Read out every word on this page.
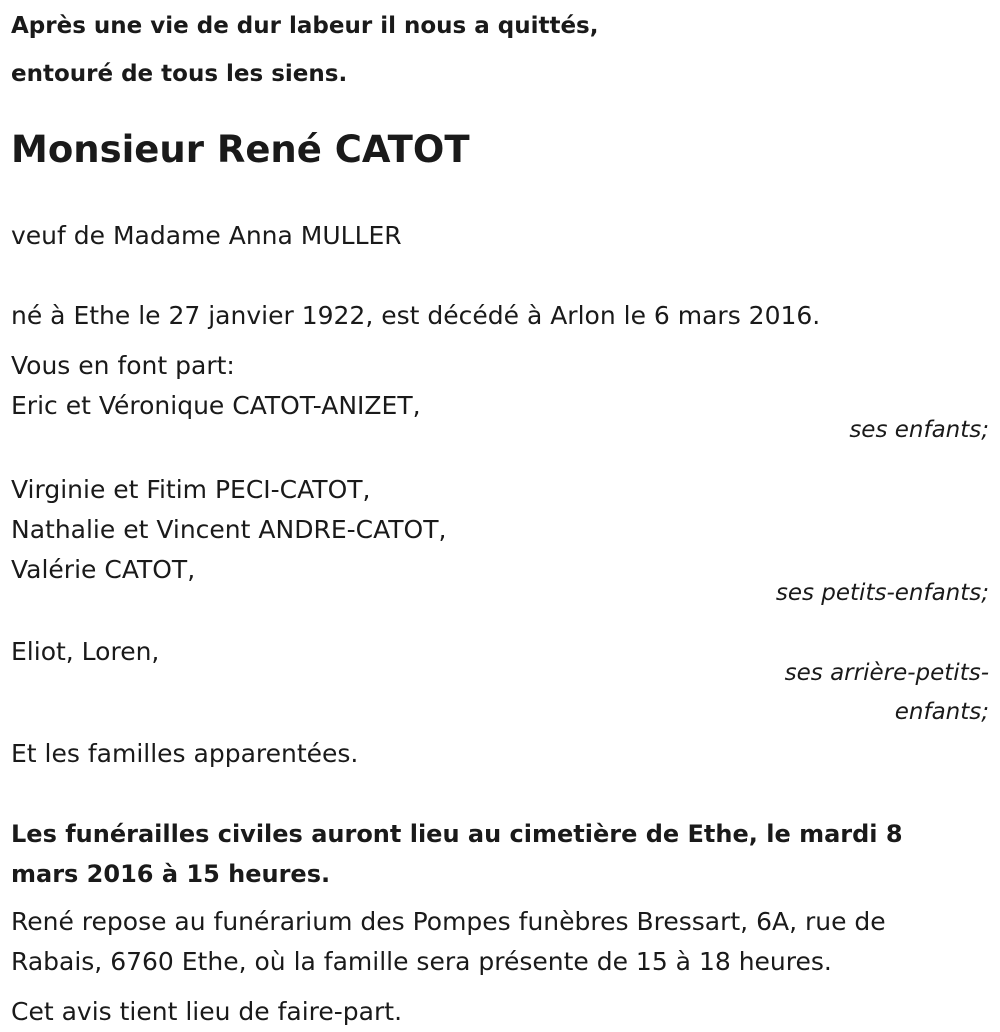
Après une vie de dur labeur il nous a quittés,
entouré de tous les siens.
Monsieur René CATOT
veuf de Madame Anna MULLER
né à Ethe le 27 janvier 1922, est décédé à Arlon le 6 mars 2016.
Vous en font part:
Eric et Véronique CATOT-ANIZET,
ses enfants;
Virginie et Fitim PECI-CATOT,
Nathalie et Vincent ANDRE-CATOT,
Valérie CATOT,
ses petits-enfants;
Eliot, Loren,
ses arrière-petits-
enfants;
Et les familles apparentées.
Les funérailles civiles auront lieu au cimetière de Ethe, le mardi 8
mars 2016 à 15 heures.
René repose au funérarium des Pompes funèbres Bressart, 6A, rue de
Rabais, 6760 Ethe, où la famille sera présente de 15 à 18 heures.
Cet avis tient lieu de faire-part.
